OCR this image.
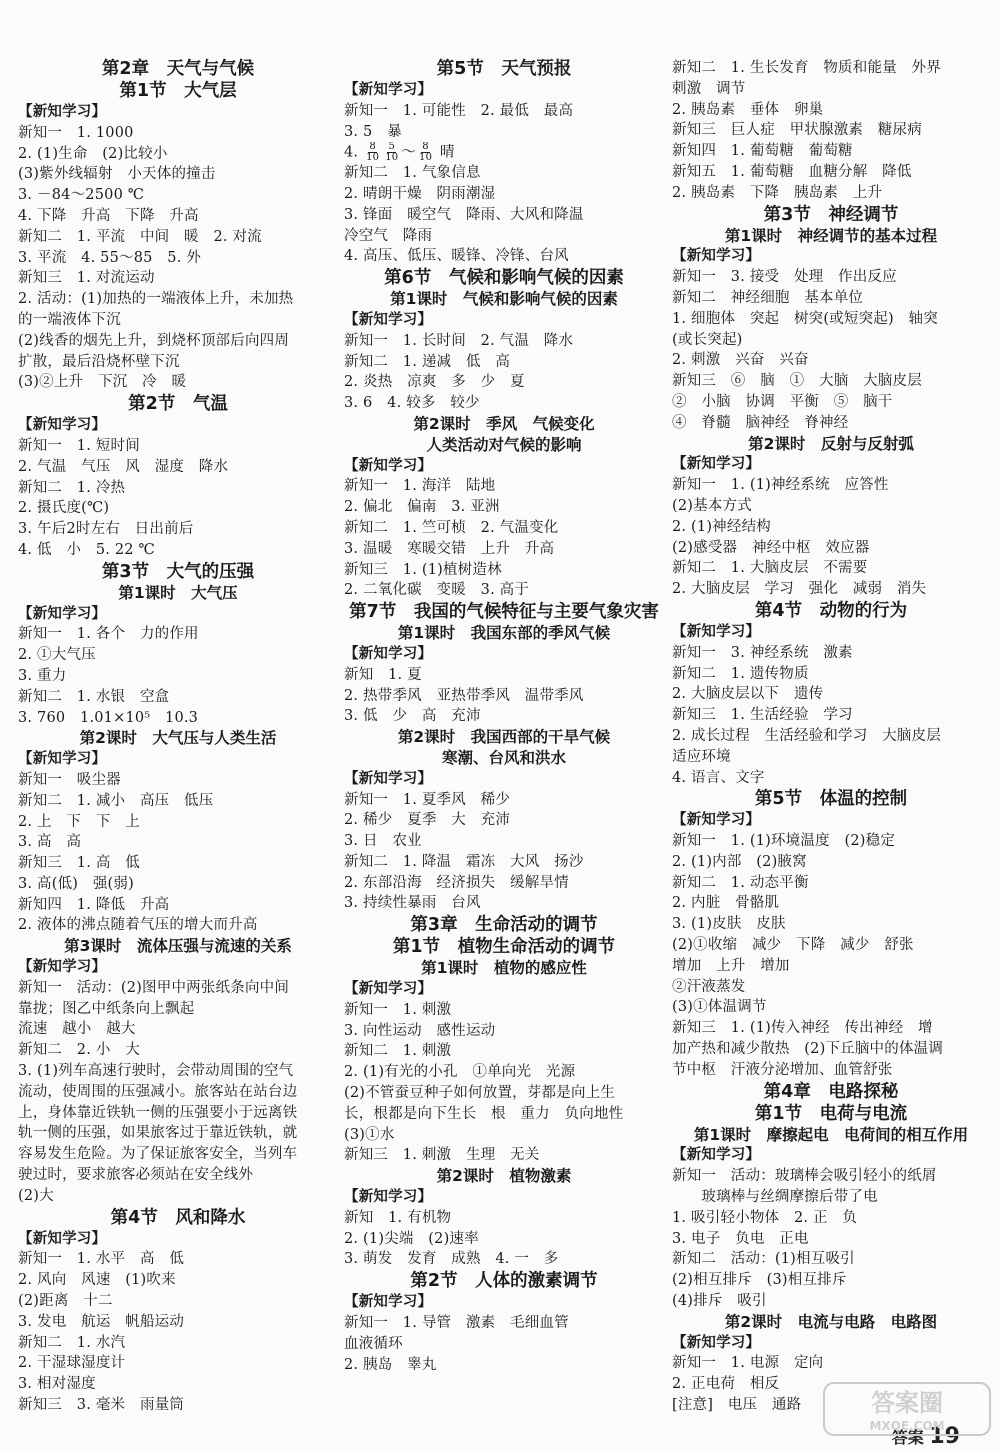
第2章　天气与气候
第1节　大气层
【新知学习】
新知一　1. 1000
2. (1)生命　(2)比较小
(3)紫外线辐射　小天体的撞击
3. －84～2500 ℃
4. 下降　升高　下降　升高
新知二　1. 平流　中间　暖　2. 对流
3. 平流　4. 55～85　5. 外
新知三　1. 对流运动
2. 活动：(1)加热的一端液体上升，未加热
的一端液体下沉
(2)线香的烟先上升，到烧杯顶部后向四周
扩散，最后沿烧杯壁下沉
(3)②上升　下沉　冷　暖
第2节　气温
【新知学习】
新知一　1. 短时间
2. 气温　气压　风　湿度　降水
新知二　1. 冷热
2. 摄氏度(℃)
3. 午后2时左右　日出前后
4. 低　小　5. 22 ℃
第3节　大气的压强
第1课时　大气压
【新知学习】
新知一　1. 各个　力的作用
2. ①大气压
3. 重力
新知二　1. 水银　空盒
3. 760　1.01×10⁵　10.3
第2课时　大气压与人类生活
【新知学习】
新知一　吸尘器
新知二　1. 减小　高压　低压
2. 上　下　下　上
3. 高　高
新知三　1. 高　低
3. 高(低)　强(弱)
新知四　1. 降低　升高
2. 液体的沸点随着气压的增大而升高
第3课时　流体压强与流速的关系
【新知学习】
新知一　活动：(2)图甲中两张纸条向中间
靠拢；图乙中纸条向上飘起
流速　越小　越大
新知二　2. 小　大
3. (1)列车高速行驶时，会带动周围的空气
流动，使周围的压强减小。旅客站在站台边
上，身体靠近铁轨一侧的压强要小于远离铁
轨一侧的压强，如果旅客过于靠近铁轨，就
容易发生危险。为了保证旅客安全，当列车
驶过时，要求旅客必须站在安全线外
(2)大
第4节　风和降水
【新知学习】
新知一　1. 水平　高　低
2. 风向　风速　(1)吹来
(2)距离　十二
3. 发电　航运　帆船运动
新知二　1. 水汽
2. 干湿球湿度计
3. 相对湿度
新知三　3. 毫米　雨量筒
第5节　天气预报
【新知学习】
新知一　1. 可能性　2. 最低　最高
3. 5　暴
4. $\frac{8}{10} \frac{5}{10}$ ～ $\frac{8}{10}$ 晴
新知二　1. 气象信息
2. 晴朗干燥　阴雨潮湿
3. 锋面　暖空气　降雨、大风和降温
冷空气　降雨
4. 高压、低压、暖锋、冷锋、台风
第6节　气候和影响气候的因素
第1课时　气候和影响气候的因素
【新知学习】
新知一　1. 长时间　2. 气温　降水
新知二　1. 递减　低　高
2. 炎热　凉爽　多　少　夏
3. 6　4. 较多　较少
第2课时　季风　气候变化
人类活动对气候的影响
【新知学习】
新知一　1. 海洋　陆地
2. 偏北　偏南　3. 亚洲
新知二　1. 竺可桢　2. 气温变化
3. 温暖　寒暖交错　上升　升高
新知三　1. (1)植树造林
2. 二氧化碳　变暖　3. 高于
第7节　我国的气候特征与主要气象灾害
第1课时　我国东部的季风气候
【新知学习】
新知　1. 夏
2. 热带季风　亚热带季风　温带季风
3. 低　少　高　充沛
第2课时　我国西部的干旱气候
寒潮、台风和洪水
【新知学习】
新知一　1. 夏季风　稀少
2. 稀少　夏季　大　充沛
3. 日　农业
新知二　1. 降温　霜冻　大风　扬沙
2. 东部沿海　经济损失　缓解旱情
3. 持续性暴雨　台风
第3章　生命活动的调节
第1节　植物生命活动的调节
第1课时　植物的感应性
【新知学习】
新知一　1. 刺激
3. 向性运动　感性运动
新知二　1. 刺激
2. (1)有光的小孔　①单向光　光源
(2)不管蚕豆种子如何放置，芽都是向上生
长，根都是向下生长　根　重力　负向地性
(3)①水
新知三　1. 刺激　生理　无关
第2课时　植物激素
【新知学习】
新知　1. 有机物
2. (1)尖端　(2)速率
3. 萌发　发育　成熟　4. 一　多
第2节　人体的激素调节
【新知学习】
新知一　1. 导管　激素　毛细血管
血液循环
2. 胰岛　睾丸
新知二　1. 生长发育　物质和能量　外界
刺激　调节
2. 胰岛素　垂体　卵巢
新知三　巨人症　甲状腺激素　糖尿病
新知四　1. 葡萄糖　葡萄糖
新知五　1. 葡萄糖　血糖分解　降低
2. 胰岛素　下降　胰岛素　上升
第3节　神经调节
第1课时　神经调节的基本过程
【新知学习】
新知一　3. 接受　处理　作出反应
新知二　神经细胞　基本单位
1. 细胞体　突起　树突(或短突起)　轴突
(或长突起)
2. 刺激　兴奋　兴奋
新知三　⑥　脑　①　大脑　大脑皮层
②　小脑　协调　平衡　⑤　脑干
④　脊髓　脑神经　脊神经
第2课时　反射与反射弧
【新知学习】
新知一　1. (1)神经系统　应答性
(2)基本方式
2. (1)神经结构
(2)感受器　神经中枢　效应器
新知二　1. 大脑皮层　不需要
2. 大脑皮层　学习　强化　减弱　消失
第4节　动物的行为
【新知学习】
新知一　3. 神经系统　激素
新知二　1. 遗传物质
2. 大脑皮层以下　遗传
新知三　1. 生活经验　学习
2. 成长过程　生活经验和学习　大脑皮层
适应环境
4. 语言、文字
第5节　体温的控制
【新知学习】
新知一　1. (1)环境温度　(2)稳定
2. (1)内部　(2)腋窝
新知二　1. 动态平衡
2. 内脏　骨骼肌
3. (1)皮肤　皮肤
(2)①收缩　减少　下降　减少　舒张
增加　上升　增加
②汗液蒸发
(3)①体温调节
新知三　1. (1)传入神经　传出神经　增
加产热和减少散热　(2)下丘脑中的体温调
节中枢　汗液分泌增加、血管舒张
第4章　电路探秘
第1节　电荷与电流
第1课时　摩擦起电　电荷间的相互作用
【新知学习】
新知一　活动：玻璃棒会吸引轻小的纸屑
　　玻璃棒与丝绸摩擦后带了电
1. 吸引轻小物体　2. 正　负
3. 电子　负电　正电
新知二　活动：(1)相互吸引
(2)相互排斥　(3)相互排斥
(4)排斥　吸引
第2课时　电流与电路　电路图
【新知学习】
新知一　1. 电源　定向
2. 正电荷　相反
[注意]　电压　通路
答案 19
答案圈
MXQE.COM
